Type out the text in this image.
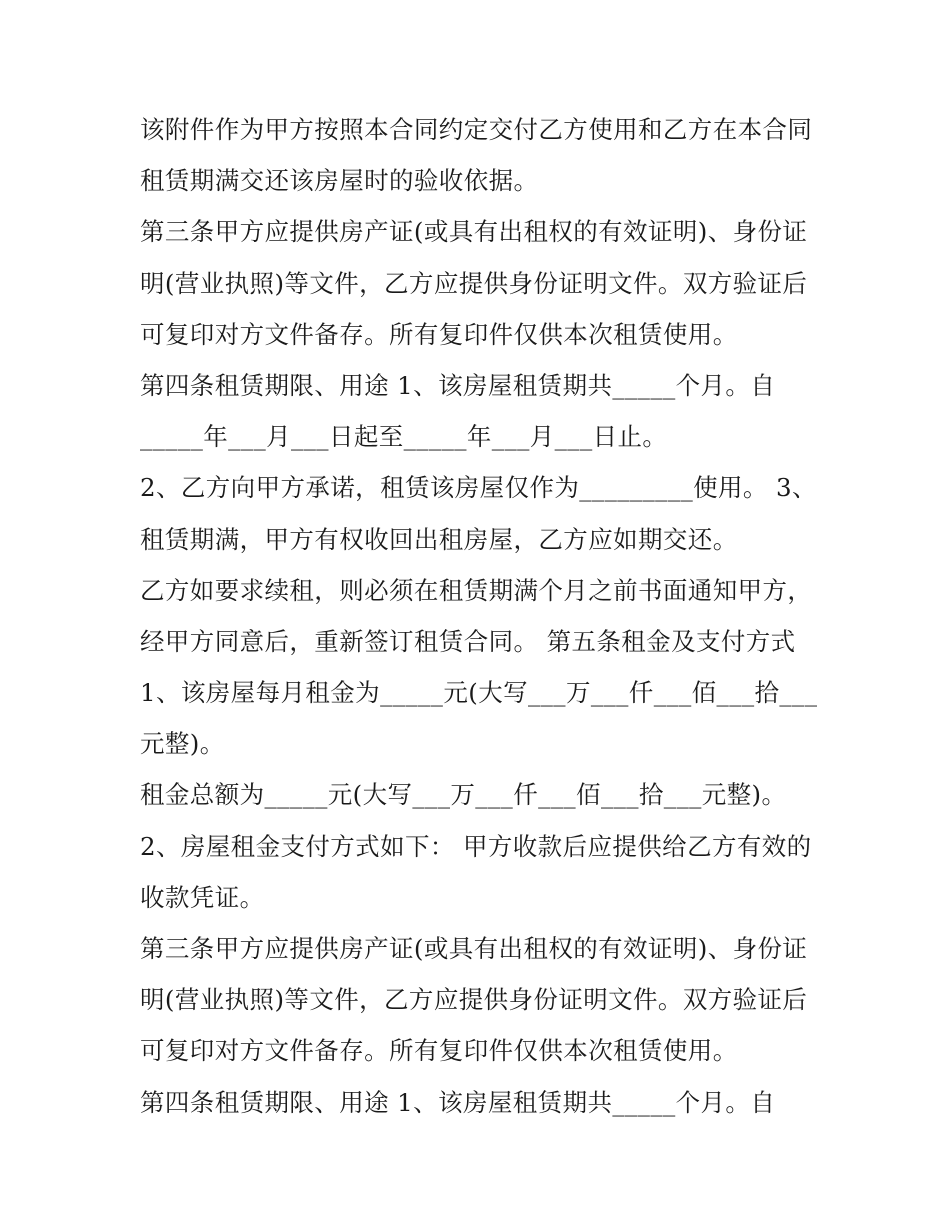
该附件作为甲方按照本合同约定交付乙方使用和乙方在本合同
租赁期满交还该房屋时的验收依据。
第三条甲方应提供房产证(或具有出租权的有效证明)、身份证
明(营业执照)等文件，乙方应提供身份证明文件。双方验证后
可复印对方文件备存。所有复印件仅供本次租赁使用。
第四条租赁期限、用途 1、该房屋租赁期共_____个月。自
_____年___月___日起至_____年___月___日止。
2、乙方向甲方承诺，租赁该房屋仅作为_________使用。 3、
租赁期满，甲方有权收回出租房屋，乙方应如期交还。
乙方如要求续租，则必须在租赁期满个月之前书面通知甲方，
经甲方同意后，重新签订租赁合同。 第五条租金及支付方式
1、该房屋每月租金为_____元(大写___万___仟___佰___拾___
元整)。
租金总额为_____元(大写___万___仟___佰___拾___元整)。
2、房屋租金支付方式如下： 甲方收款后应提供给乙方有效的
收款凭证。
第三条甲方应提供房产证(或具有出租权的有效证明)、身份证
明(营业执照)等文件，乙方应提供身份证明文件。双方验证后
可复印对方文件备存。所有复印件仅供本次租赁使用。
第四条租赁期限、用途 1、该房屋租赁期共_____个月。自
